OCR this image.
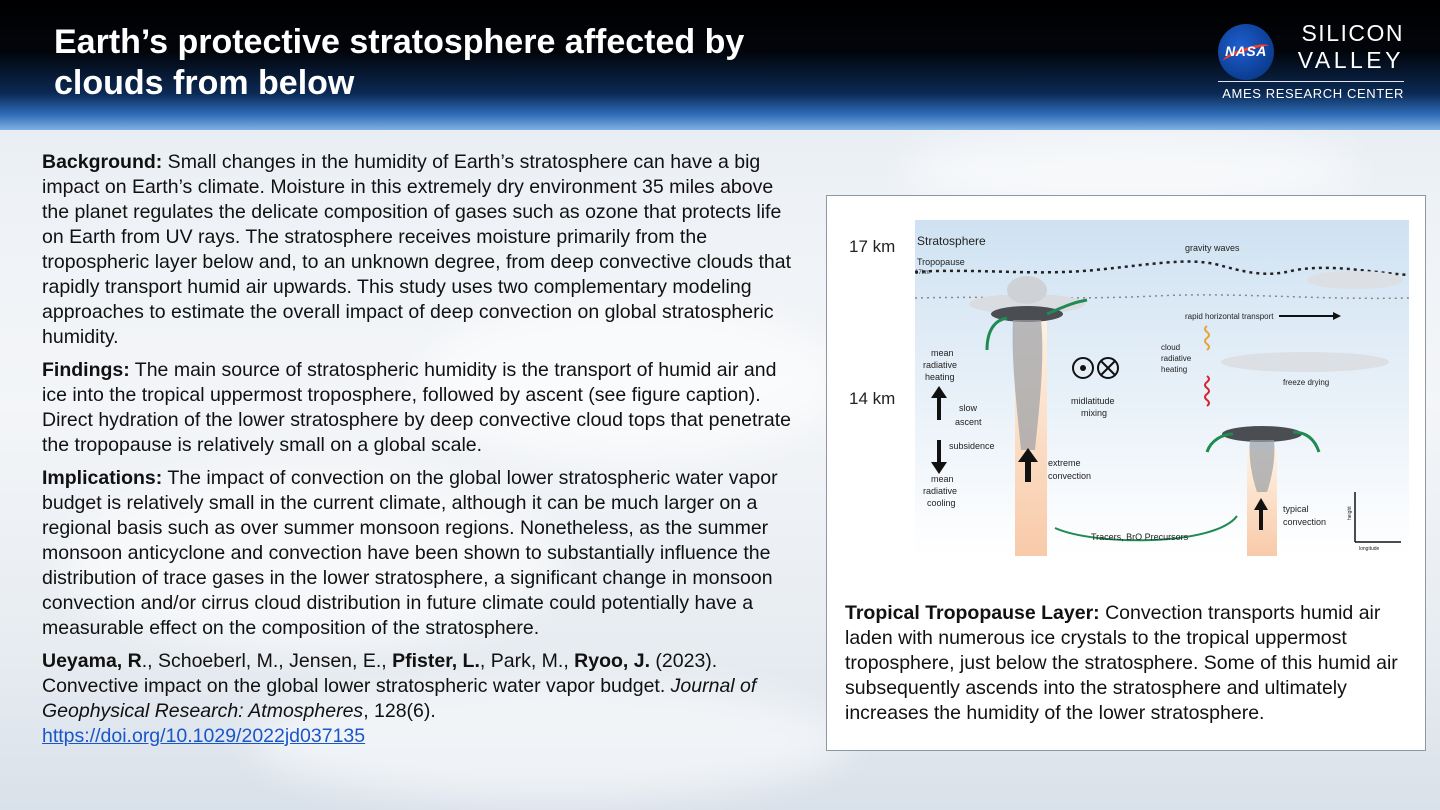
Earth’s protective stratosphere affected by clouds from below
NASA
SILICON
VALLEY
AMES RESEARCH CENTER

Background: Small changes in the humidity of Earth’s stratosphere can have a big impact on Earth’s climate. Moisture in this extremely dry environment 35 miles above the planet regulates the delicate composition of gases such as ozone that protects life on Earth from UV rays. The stratosphere receives moisture primarily from the tropospheric layer below and, to an unknown degree, from deep convective clouds that rapidly transport humid air upwards. This study uses two complementary modeling approaches to estimate the overall impact of deep convection on global stratospheric humidity.

Findings: The main source of stratospheric humidity is the transport of humid air and ice into the tropical uppermost troposphere, followed by ascent (see figure caption). Direct hydration of the lower stratosphere by deep convective cloud tops that penetrate the tropopause is relatively small on a global scale.

Implications: The impact of convection on the global lower stratospheric water vapor budget is relatively small in the current climate, although it can be much larger on a regional basis such as over summer monsoon regions. Nonetheless, as the summer monsoon anticyclone and convection have been shown to substantially influence the distribution of trace gases in the lower stratosphere, a significant change in monsoon convection and/or cirrus cloud distribution in future climate could potentially have a measurable effect on the composition of the stratosphere.

Ueyama, R., Schoeberl, M., Jensen, E., Pfister, L., Park, M., Ryoo, J. (2023). Convective impact on the global lower stratospheric water vapor budget. Journal of Geophysical Research: Atmospheres, 128(6).
https://doi.org/10.1029/2022jd037135

17 km
14 km
Stratosphere
Tropopause
17km
gravity waves
rapid horizontal transport
cloud
radiative
heating
freeze drying
mean
radiative
heating
slow
ascent
midlatitude
mixing
subsidence
mean
radiative
cooling
extreme
convection
typical
convection
Tracers, BrO Precursors
height
longitude
Tropical Tropopause Layer: Convection transports humid air laden with numerous ice crystals to the tropical uppermost troposphere, just below the stratosphere. Some of this humid air subsequently ascends into the stratosphere and ultimately increases the humidity of the lower stratosphere.
